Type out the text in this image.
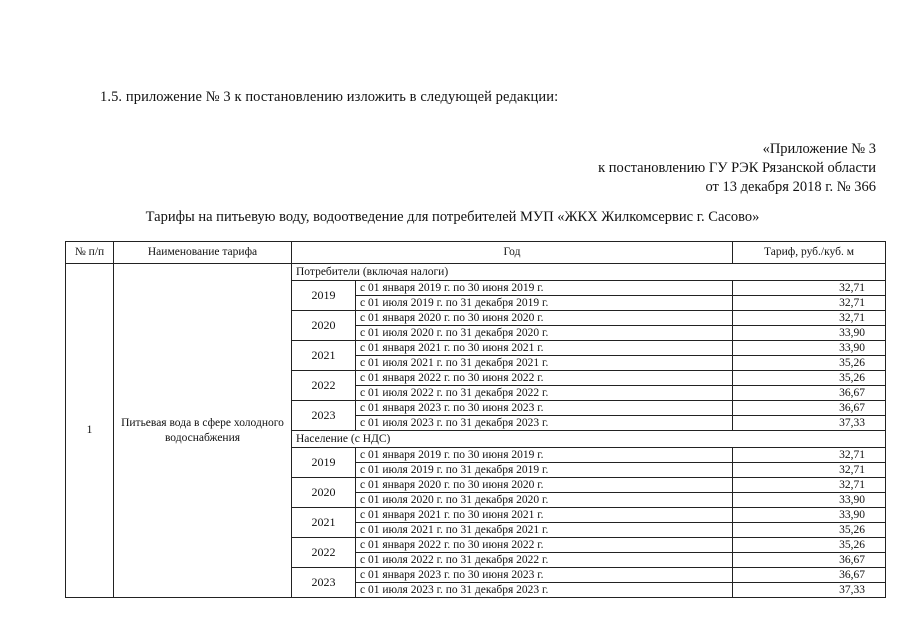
1.5. приложение № 3 к постановлению изложить в следующей редакции:
«Приложение № 3
к постановлению ГУ РЭК Рязанской области
от 13 декабря 2018 г. № 366
Тарифы на питьевую воду, водоотведение для потребителей МУП «ЖКХ Жилкомсервис г. Сасово»
№ п/п	Наименование тарифа	Год		Тариф, руб./куб. м
1	Питьевая вода в сфере холодного водоснабжения	Потребители (включая налоги)		
		2019	с 01 января 2019 г. по 30 июня 2019 г.	32,71
			с 01 июля 2019 г. по 31 декабря 2019 г.	32,71
		2020	с 01 января 2020 г. по 30 июня 2020 г.	32,71
			с 01 июля 2020 г. по 31 декабря 2020 г.	33,90
		2021	с 01 января 2021 г. по 30 июня 2021 г.	33,90
			с 01 июля 2021 г. по 31 декабря 2021 г.	35,26
		2022	с 01 января 2022 г. по 30 июня 2022 г.	35,26
			с 01 июля 2022 г. по 31 декабря 2022 г.	36,67
		2023	с 01 января 2023 г. по 30 июня 2023 г.	36,67
			с 01 июля 2023 г. по 31 декабря 2023 г.	37,33
		Население (с НДС)		
		2019	с 01 января 2019 г. по 30 июня 2019 г.	32,71
			с 01 июля 2019 г. по 31 декабря 2019 г.	32,71
		2020	с 01 января 2020 г. по 30 июня 2020 г.	32,71
			с 01 июля 2020 г. по 31 декабря 2020 г.	33,90
		2021	с 01 января 2021 г. по 30 июня 2021 г.	33,90
			с 01 июля 2021 г. по 31 декабря 2021 г.	35,26
		2022	с 01 января 2022 г. по 30 июня 2022 г.	35,26
			с 01 июля 2022 г. по 31 декабря 2022 г.	36,67
		2023	с 01 января 2023 г. по 30 июня 2023 г.	36,67
			с 01 июля 2023 г. по 31 декабря 2023 г.	37,33
